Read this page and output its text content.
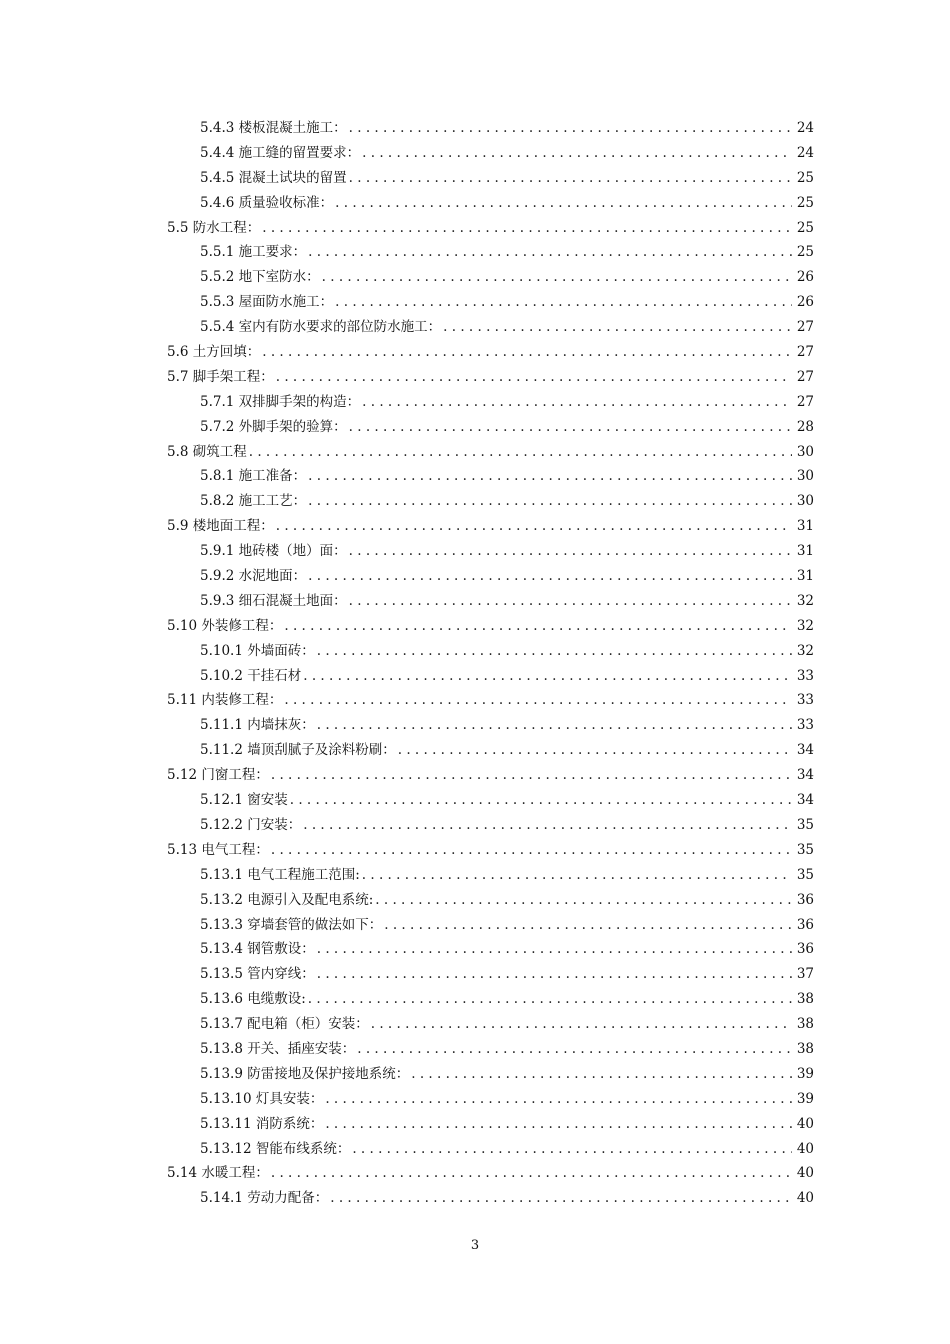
5.4.3 楼板混凝土施工： . . .	24
5.4.4 施工缝的留置要求： . . .	24
5.4.5 混凝土试块的留置 . . .	25
5.4.6 质量验收标准： . . .	25
5.5 防水工程： . . .	25
5.5.1 施工要求： . . .	25
5.5.2 地下室防水： . . .	26
5.5.3 屋面防水施工： . . .	26
5.5.4 室内有防水要求的部位防水施工： . . .	27
5.6 土方回填： . . .	27
5.7 脚手架工程： . . .	27
5.7.1 双排脚手架的构造： . . .	27
5.7.2 外脚手架的验算： . . .	28
5.8 砌筑工程 . . .	30
5.8.1 施工准备： . . .	30
5.8.2 施工工艺： . . .	30
5.9 楼地面工程： . . .	31
5.9.1 地砖楼（地）面： . . .	31
5.9.2 水泥地面： . . .	31
5.9.3 细石混凝土地面： . . .	32
5.10 外装修工程： . . .	32
5.10.1 外墙面砖： . . .	32
5.10.2 干挂石材 . . .	33
5.11 内装修工程： . . .	33
5.11.1 内墙抹灰： . . .	33
5.11.2 墙顶刮腻子及涂料粉刷： . . .	34
5.12 门窗工程： . . .	34
5.12.1 窗安装 . . .	34
5.12.2 门安装： . . .	35
5.13 电气工程： . . .	35
5.13.1 电气工程施工范围: . . .	35
5.13.2 电源引入及配电系统: . . .	36
5.13.3 穿墙套管的做法如下： . . .	36
5.13.4 钢管敷设： . . .	36
5.13.5 管内穿线： . . .	37
5.13.6 电缆敷设: . . .	38
5.13.7 配电箱（柜）安装： . . .	38
5.13.8 开关、插座安装： . . .	38
5.13.9 防雷接地及保护接地系统： . . .	39
5.13.10 灯具安装： . . .	39
5.13.11 消防系统： . . .	40
5.13.12 智能布线系统： . . .	40
5.14 水暖工程： . . .	40
5.14.1 劳动力配备： . . .	40
3
